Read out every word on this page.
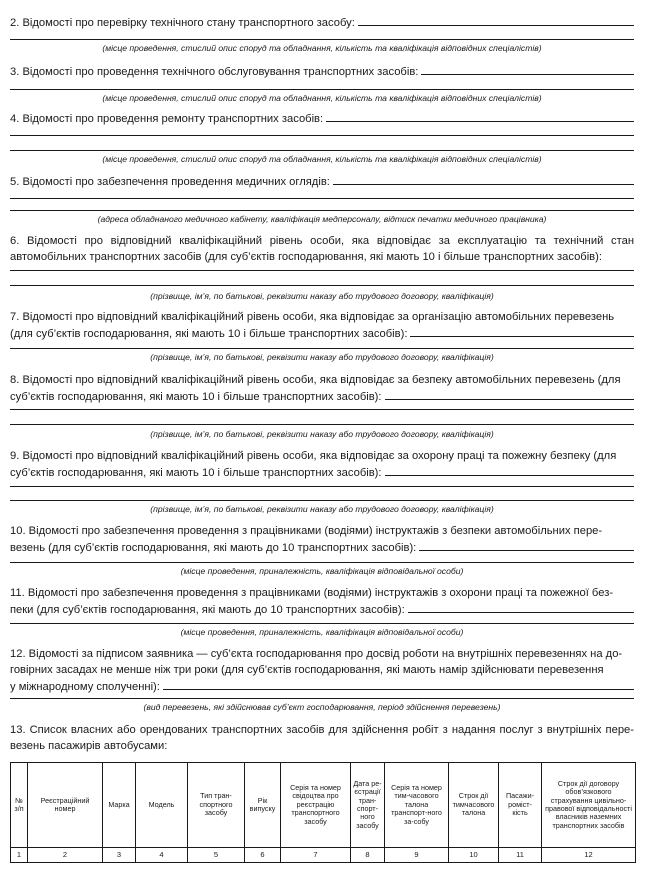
2. Відомості про перевірку технічного стану транспортного засобу:
(місце проведення, стислий опис споруд та обладнання, кількість та кваліфікація відповідних спеціалістів)
3. Відомості про проведення технічного обслуговування транспортних засобів:
(місце проведення, стислий опис споруд та обладнання, кількість та кваліфікація відповідних спеціалістів)
4. Відомості про проведення ремонту транспортних засобів:
(місце проведення, стислий опис споруд та обладнання, кількість та кваліфікація відповідних спеціалістів)
5. Відомості про забезпечення проведення медичних оглядів:
(адреса обладнаного медичного кабінету, кваліфікація медперсоналу, відтиск печатки медичного працівника)
6. Відомості про відповідний кваліфікаційний рівень особи, яка відповідає за експлуатацію та технічний стан автомобільних транспортних засобів (для суб’єктів господарювання, які мають 10 і більше транспортних засобів):
(прізвище, ім’я, по батькові, реквізити наказу або трудового договору, кваліфікація)
7. Відомості про відповідний кваліфікаційний рівень особи, яка відповідає за організацію автомобільних перевезень
(для суб’єктів господарювання, які мають 10 і більше транспортних засобів):
(прізвище, ім’я, по батькові, реквізити наказу або трудового договору, кваліфікація)
8. Відомості про відповідний кваліфікаційний рівень особи, яка відповідає за безпеку автомобільних перевезень (для
суб’єктів господарювання, які мають 10 і більше транспортних засобів):
(прізвище, ім’я, по батькові, реквізити наказу або трудового договору, кваліфікація)
9. Відомості про відповідний кваліфікаційний рівень особи, яка відповідає за охорону праці та пожежну безпеку (для
суб’єктів господарювання, які мають 10 і більше транспортних засобів):
(прізвище, ім’я, по батькові, реквізити наказу або трудового договору, кваліфікація)
10. Відомості про забезпечення проведення з працівниками (водіями) інструктажів з безпеки автомобільних пере-
везень (для суб’єктів господарювання, які мають до 10 транспортних засобів):
(місце проведення, приналежність, кваліфікація відповідальної особи)
11. Відомості про забезпечення проведення з працівниками (водіями) інструктажів з охорони праці та пожежної без-
пеки (для суб’єктів господарювання, які мають до 10 транспортних засобів):
(місце проведення, приналежність, кваліфікація відповідальної особи)
12. Відомості за підписом заявника — суб’єкта господарювання про досвід роботи на внутрішніх перевезеннях на до-
говірних засадах не менше ніж три роки (для суб’єктів господарювання, які мають намір здійснювати перевезення
у міжнародному сполученні):
(вид перевезень, які здійснював суб’єкт господарювання, період здійснення перевезень)
13. Список власних або орендованих транспортних засобів для здійснення робіт з надання послуг з внутрішніх пере-везень пасажирів автобусами:
№ з/п	Реєстраційний номер	Марка	Модель	Тип тран-спортного засобу	Рік випуску	Серія та номер свідоцтва про реєстрацію транспортного засобу	Дата ре-єстрації тран-спорт-ного засобу	Серія та номер тим-часового талона транспорт-ного за-собу	Строк дії тимчасового талона	Пасажи-роміст-кість	Строк дії договору обов’язкового страхування цивільно-правової відповідальності власників наземних транспортних засобів
1	2	3	4	5	6	7	8	9	10	11	12
